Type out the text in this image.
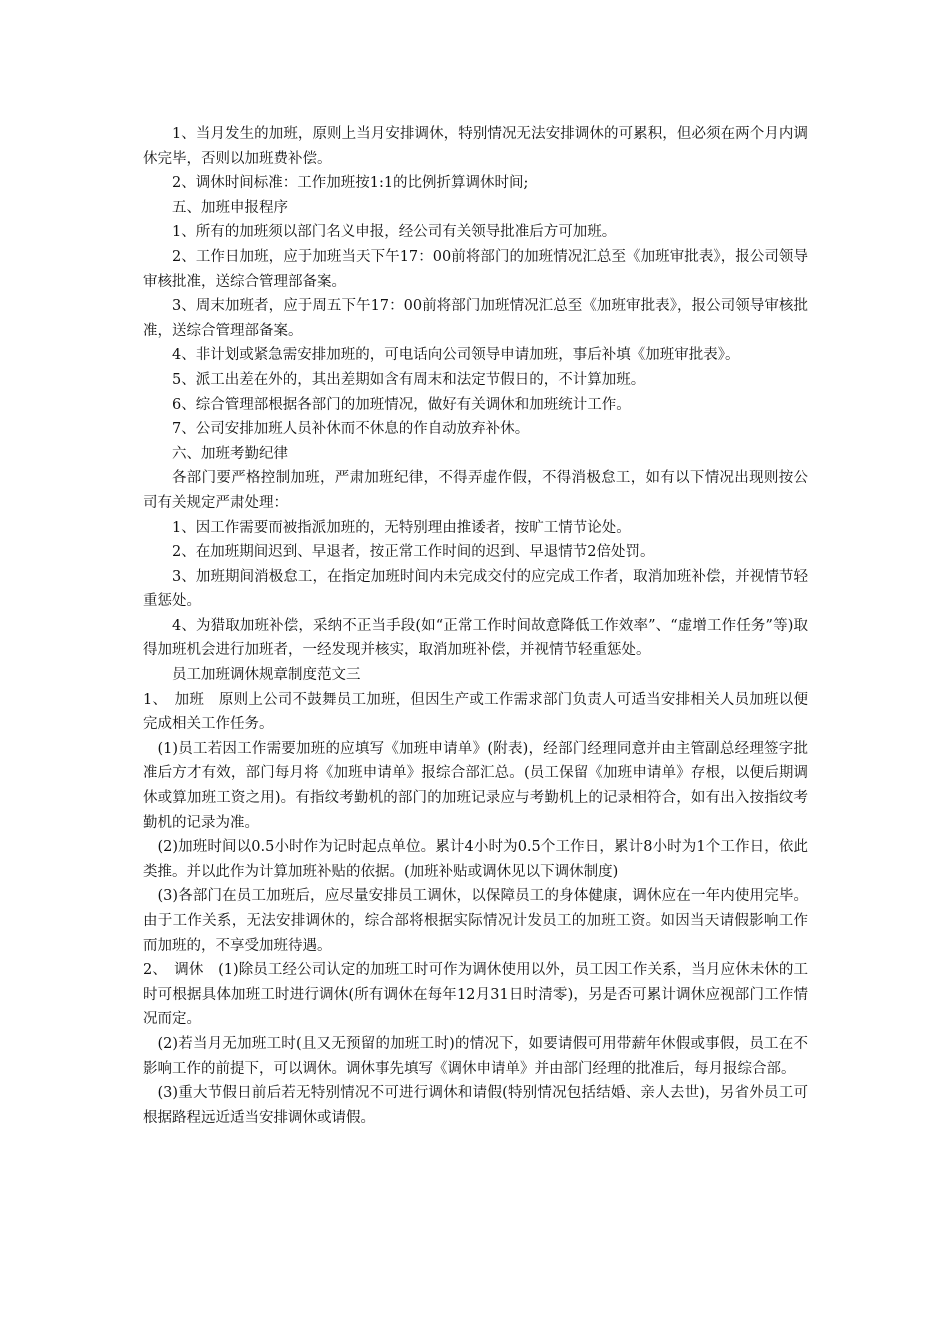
1、当月发生的加班，原则上当月安排调休，特别情况无法安排调休的可累积，但必须在两个月内调休完毕，否则以加班费补偿。

2、调休时间标准：工作加班按1:1的比例折算调休时间;

五、加班申报程序

1、所有的加班须以部门名义申报，经公司有关领导批准后方可加班。

2、工作日加班，应于加班当天下午17：00前将部门的加班情况汇总至《加班审批表》，报公司领导审核批准，送综合管理部备案。

3、周末加班者，应于周五下午17：00前将部门加班情况汇总至《加班审批表》，报公司领导审核批准，送综合管理部备案。

4、非计划或紧急需安排加班的，可电话向公司领导申请加班，事后补填《加班审批表》。

5、派工出差在外的，其出差期如含有周末和法定节假日的，不计算加班。

6、综合管理部根据各部门的加班情况，做好有关调休和加班统计工作。

7、公司安排加班人员补休而不休息的作自动放弃补休。

六、加班考勤纪律

各部门要严格控制加班，严肃加班纪律，不得弄虚作假，不得消极怠工，如有以下情况出现则按公司有关规定严肃处理：

1、因工作需要而被指派加班的，无特别理由推诿者，按旷工情节论处。

2、在加班期间迟到、早退者，按正常工作时间的迟到、早退情节2倍处罚。

3、加班期间消极怠工，在指定加班时间内未完成交付的应完成工作者，取消加班补偿，并视情节轻重惩处。

4、为猎取加班补偿，采纳不正当手段(如“正常工作时间故意降低工作效率”、“虚增工作任务”等)取得加班机会进行加班者，一经发现并核实，取消加班补偿，并视情节轻重惩处。

员工加班调休规章制度范文三

1、　加班　原则上公司不鼓舞员工加班，但因生产或工作需求部门负责人可适当安排相关人员加班以便完成相关工作任务。

(1)员工若因工作需要加班的应填写《加班申请单》(附表)，经部门经理同意并由主管副总经理签字批准后方才有效，部门每月将《加班申请单》报综合部汇总。(员工保留《加班申请单》存根，以便后期调休或算加班工资之用)。有指纹考勤机的部门的加班记录应与考勤机上的记录相符合，如有出入按指纹考勤机的记录为准。

(2)加班时间以0.5小时作为记时起点单位。累计4小时为0.5个工作日，累计8小时为1个工作日，依此类推。并以此作为计算加班补贴的依据。(加班补贴或调休见以下调休制度)

(3)各部门在员工加班后，应尽量安排员工调休，以保障员工的身体健康，调休应在一年内使用完毕。由于工作关系，无法安排调休的，综合部将根据实际情况计发员工的加班工资。如因当天请假影响工作而加班的，不享受加班待遇。

2、　调休　(1)除员工经公司认定的加班工时可作为调休使用以外，员工因工作关系，当月应休未休的工时可根据具体加班工时进行调休(所有调休在每年12月31日时清零)，另是否可累计调休应视部门工作情况而定。

(2)若当月无加班工时(且又无预留的加班工时)的情况下，如要请假可用带薪年休假或事假，员工在不影响工作的前提下，可以调休。调休事先填写《调休申请单》并由部门经理的批准后，每月报综合部。

(3)重大节假日前后若无特别情况不可进行调休和请假(特别情况包括结婚、亲人去世)，另省外员工可根据路程远近适当安排调休或请假。
